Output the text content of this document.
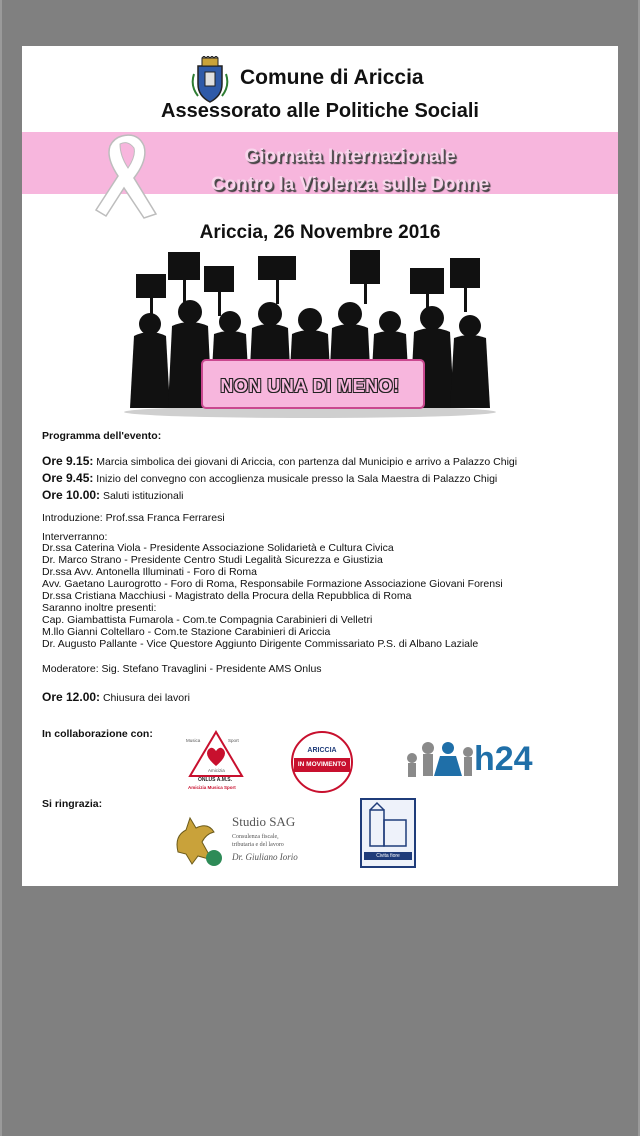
Comune di Ariccia
Assessorato alle Politiche Sociali
Giornata Internazionale
Contro la Violenza sulle Donne
Ariccia, 26 Novembre 2016
NON UNA DI MENO!
Programma dell'evento:
Ore 9.15: Marcia simbolica dei giovani di Ariccia, con partenza dal Municipio e arrivo a Palazzo Chigi
Ore 9.45: Inizio del convegno con accoglienza musicale presso la Sala Maestra di Palazzo Chigi
Ore 10.00: Saluti istituzionali
Introduzione: Prof.ssa Franca Ferraresi
Interverranno:
Dr.ssa Caterina Viola - Presidente Associazione Solidarietà e Cultura Civica
Dr. Marco Strano - Presidente Centro Studi Legalità Sicurezza e Giustizia
Dr.ssa Avv. Antonella Illuminati - Foro di Roma
Avv. Gaetano Laurogrotto - Foro di Roma, Responsabile Formazione Associazione Giovani Forensi
Dr.ssa Cristiana Macchiusi - Magistrato della Procura della Repubblica di Roma
Saranno inoltre presenti:
Cap. Giambattista Fumarola - Com.te Compagnia Carabinieri di Velletri
M.llo Gianni Coltellaro - Com.te Stazione Carabinieri di Ariccia
Dr. Augusto Pallante - Vice Questore Aggiunto Dirigente Commissariato P.S. di Albano Laziale
Moderatore: Sig. Stefano Travaglini - Presidente AMS Onlus
Ore 12.00: Chiusura dei lavori
In collaborazione con:
Musica	Sport
Amicizia
ONLUS A.M.S.
Amicizia Musica Sport
ARICCIA
IN MOVIMENTO	h24
Si ringrazia:
Studio SAG
Consulenza fiscale,
tributaria e del lavoro
Dr. Giuliano Iorio	Civita fiore
